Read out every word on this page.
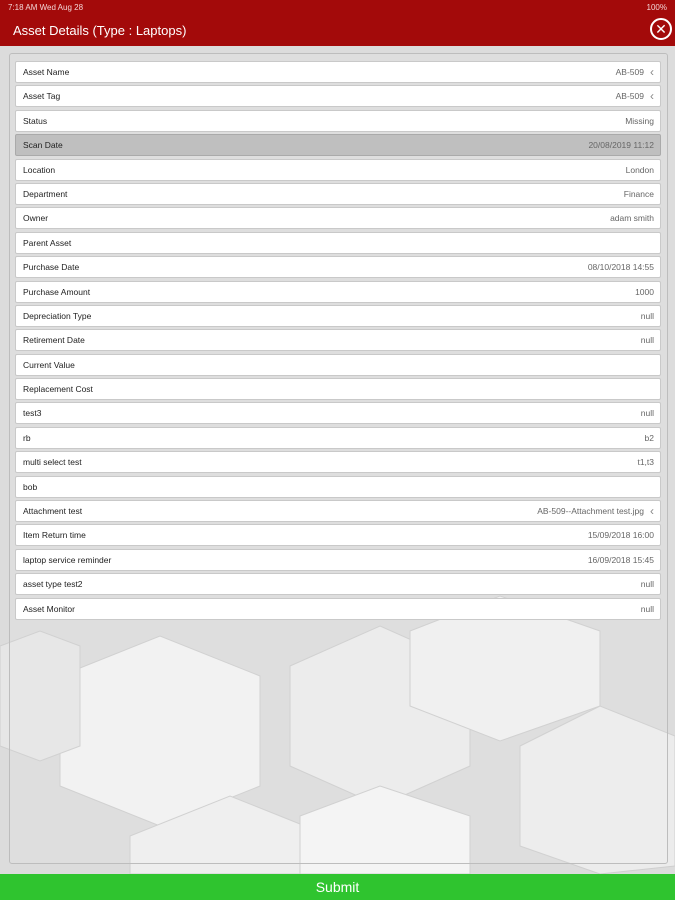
7:18 AM Wed Aug 28	100%
Asset Details (Type : Laptops)	✕
Asset Name	AB-509 ‹
Asset Tag	AB-509 ‹
Status	Missing
Scan Date	20/08/2019 11:12
Location	London
Department	Finance
Owner	adam smith
Parent Asset
Purchase Date	08/10/2018 14:55
Purchase Amount	1000
Depreciation Type	null
Retirement Date	null
Current Value
Replacement Cost
test3	null
rb	b2
multi select test	t1,t3
bob
Attachment test	AB-509--Attachment test.jpg ‹
Item Return time	15/09/2018 16:00
laptop service reminder	16/09/2018 15:45
asset type test2	null
Asset Monitor	null
Submit
